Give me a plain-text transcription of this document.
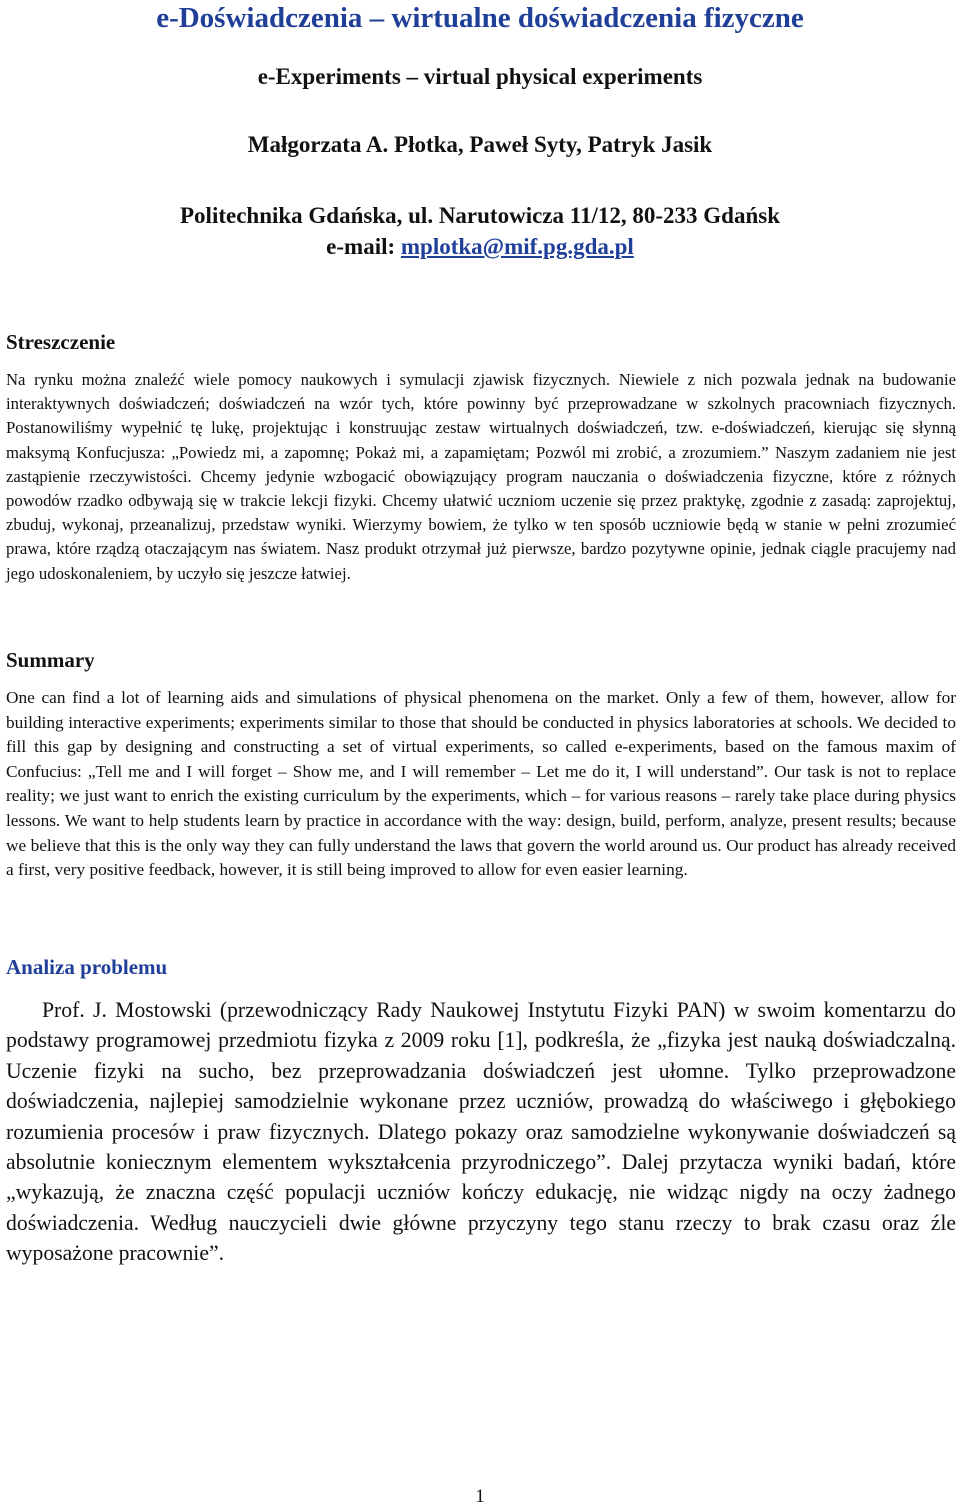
e-Doświadczenia – wirtualne doświadczenia fizyczne
e-Experiments – virtual physical experiments
Małgorzata A. Płotka, Paweł Syty, Patryk Jasik
Politechnika Gdańska, ul. Narutowicza 11/12, 80-233 Gdańsk
e-mail: mplotka@mif.pg.gda.pl
Streszczenie
Na rynku można znaleźć wiele pomocy naukowych i symulacji zjawisk fizycznych. Niewiele z nich pozwala jednak na budowanie interaktywnych doświadczeń; doświadczeń na wzór tych, które powinny być przeprowadzane w szkolnych pracowniach fizycznych. Postanowiliśmy wypełnić tę lukę, projektując i konstruując zestaw wirtualnych doświadczeń, tzw. e-doświadczeń, kierując się słynną maksymą Konfucjusza: „Powiedz mi, a zapomnę; Pokaż mi, a zapamiętam; Pozwól mi zrobić, a zrozumiem.” Naszym zadaniem nie jest zastąpienie rzeczywistości. Chcemy jedynie wzbogacić obowiązujący program nauczania o doświadczenia fizyczne, które z różnych powodów rzadko odbywają się w trakcie lekcji fizyki. Chcemy ułatwić uczniom uczenie się przez praktykę, zgodnie z zasadą: zaprojektuj, zbuduj, wykonaj, przeanalizuj, przedstaw wyniki. Wierzymy bowiem, że tylko w ten sposób uczniowie będą w stanie w pełni zrozumieć prawa, które rządzą otaczającym nas światem. Nasz produkt otrzymał już pierwsze, bardzo pozytywne opinie, jednak ciągle pracujemy nad jego udoskonaleniem, by uczyło się jeszcze łatwiej.
Summary
One can find a lot of learning aids and simulations of physical phenomena on the market. Only a few of them, however, allow for building interactive experiments; experiments similar to those that should be conducted in physics laboratories at schools. We decided to fill this gap by designing and constructing a set of virtual experiments, so called e-experiments, based on the famous maxim of Confucius: „Tell me and I will forget – Show me, and I will remember – Let me do it, I will understand”. Our task is not to replace reality; we just want to enrich the existing curriculum by the experiments, which – for various reasons – rarely take place during physics lessons. We want to help students learn by practice in accordance with the way: design, build, perform, analyze, present results; because we believe that this is the only way they can fully understand the laws that govern the world around us. Our product has already received a first, very positive feedback, however, it is still being improved to allow for even easier learning.
Analiza problemu
Prof. J. Mostowski (przewodniczący Rady Naukowej Instytutu Fizyki PAN) w swoim komentarzu do podstawy programowej przedmiotu fizyka z 2009 roku [1], podkreśla, że „fizyka jest nauką doświadczalną. Uczenie fizyki na sucho, bez przeprowadzania doświadczeń jest ułomne. Tylko przeprowadzone doświadczenia, najlepiej samodzielnie wykonane przez uczniów, prowadzą do właściwego i głębokiego rozumienia procesów i praw fizycznych. Dlatego pokazy oraz samodzielne wykonywanie doświadczeń są absolutnie koniecznym elementem wykształcenia przyrodniczego”. Dalej przytacza wyniki badań, które „wykazują, że znaczna część populacji uczniów kończy edukację, nie widząc nigdy na oczy żadnego doświadczenia. Według nauczycieli dwie główne przyczyny tego stanu rzeczy to brak czasu oraz źle wyposażone pracownie”.
1
